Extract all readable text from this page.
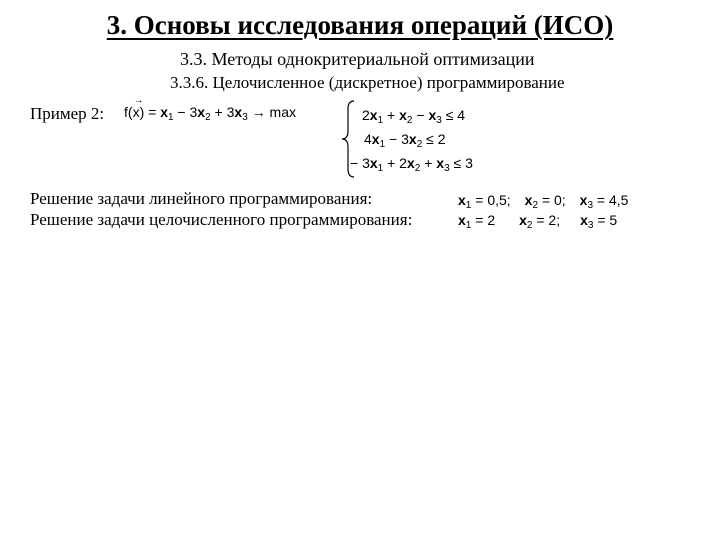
3. Основы исследования операций (ИСО)
3.3. Методы однокритериальной оптимизации
3.3.6. Целочисленное (дискретное) программирование
Пример 2: f(x
→
) = $x_1 - 3x_2 + 3x_3 \to \max$	$2x_1 + x_2 - x_3 \le 4$
$4x_1 - 3x_2 \le 2$
− $3x_1 + 2x_2 + x_3 \le 3$
Решение задачи линейного программирования:
Решение задачи целочисленного программирования:
$x_1 = 0,5$; $x_2 = 0$; $x_3 = 4,5$
$x_1 = 2$ $x_2 = 2$; $x_3 = 5$
